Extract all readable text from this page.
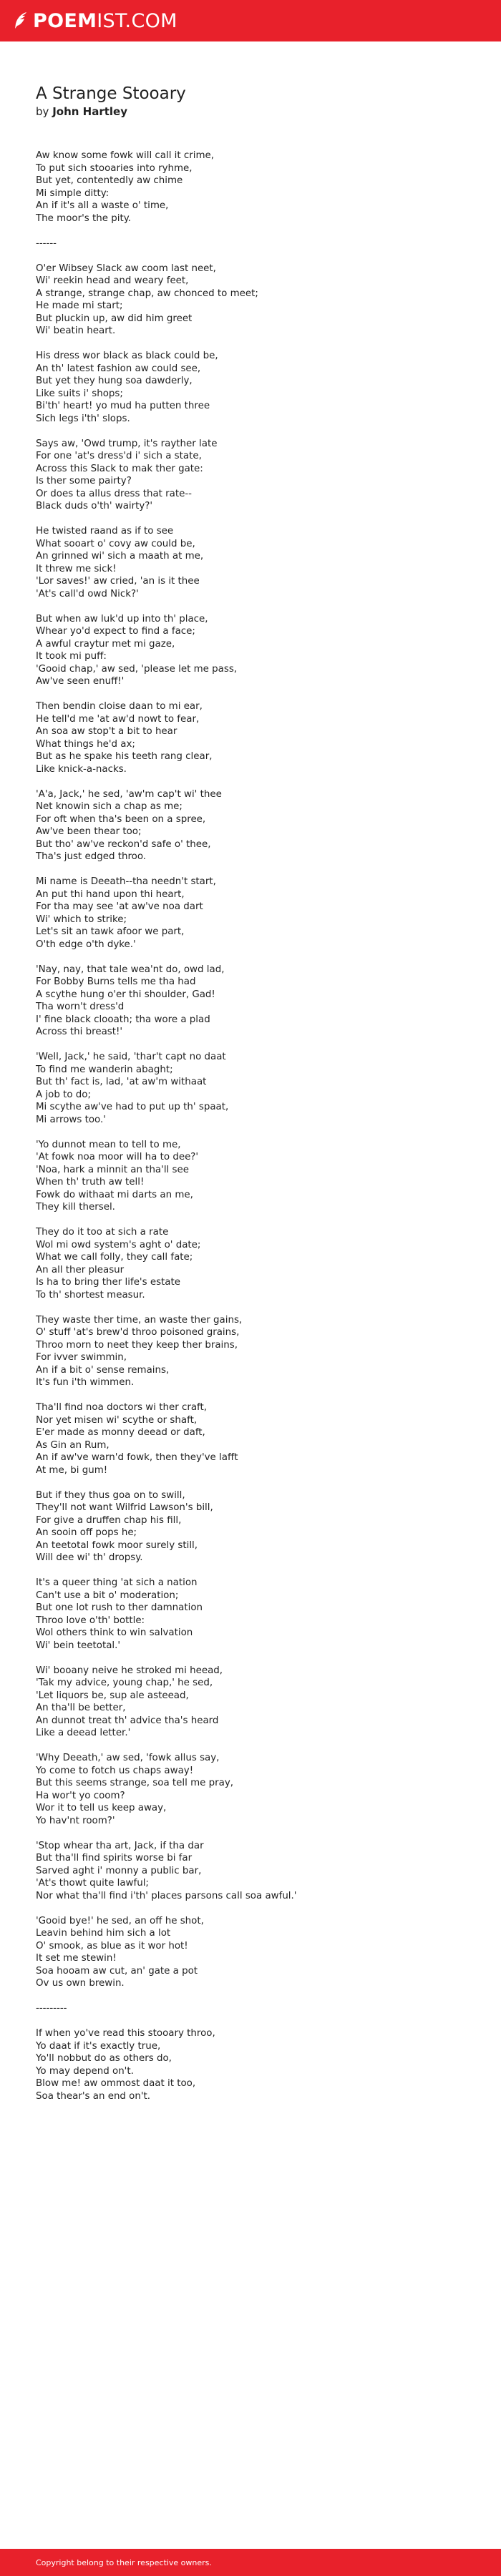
POEMIST.COM
A Strange Stooary
by John Hartley
Aw know some fowk will call it crime,
To put sich stooaries into ryhme,
But yet, contentedly aw chime
Mi simple ditty:
An if it's all a waste o' time,
The moor's the pity.
------
O'er Wibsey Slack aw coom last neet,
Wi' reekin head and weary feet,
A strange, strange chap, aw chonced to meet;
He made mi start;
But pluckin up, aw did him greet
Wi' beatin heart.
His dress wor black as black could be,
An th' latest fashion aw could see,
But yet they hung soa dawderly,
Like suits i' shops;
Bi'th' heart! yo mud ha putten three
Sich legs i'th' slops.
Says aw, 'Owd trump, it's rayther late
For one 'at's dress'd i' sich a state,
Across this Slack to mak ther gate:
Is ther some pairty?
Or does ta allus dress that rate--
Black duds o'th' wairty?'
He twisted raand as if to see
What sooart o' covy aw could be,
An grinned wi' sich a maath at me,
It threw me sick!
'Lor saves!' aw cried, 'an is it thee
'At's call'd owd Nick?'
But when aw luk'd up into th' place,
Whear yo'd expect to find a face;
A awful craytur met mi gaze,
It took mi puff:
'Gooid chap,' aw sed, 'please let me pass,
Aw've seen enuff!'
Then bendin cloise daan to mi ear,
He tell'd me 'at aw'd nowt to fear,
An soa aw stop't a bit to hear
What things he'd ax;
But as he spake his teeth rang clear,
Like knick-a-nacks.
'A'a, Jack,' he sed, 'aw'm cap't wi' thee
Net knowin sich a chap as me;
For oft when tha's been on a spree,
Aw've been thear too;
But tho' aw've reckon'd safe o' thee,
Tha's just edged throo.
Mi name is Deeath--tha needn't start,
An put thi hand upon thi heart,
For tha may see 'at aw've noa dart
Wi' which to strike;
Let's sit an tawk afoor we part,
O'th edge o'th dyke.'
'Nay, nay, that tale wea'nt do, owd lad,
For Bobby Burns tells me tha had
A scythe hung o'er thi shoulder, Gad!
Tha worn't dress'd
I' fine black clooath; tha wore a plad
Across thi breast!'
'Well, Jack,' he said, 'thar't capt no daat
To find me wanderin abaght;
But th' fact is, lad, 'at aw'm withaat
A job to do;
Mi scythe aw've had to put up th' spaat,
Mi arrows too.'
'Yo dunnot mean to tell to me,
'At fowk noa moor will ha to dee?'
'Noa, hark a minnit an tha'll see
When th' truth aw tell!
Fowk do withaat mi darts an me,
They kill thersel.
They do it too at sich a rate
Wol mi owd system's aght o' date;
What we call folly, they call fate;
An all ther pleasur
Is ha to bring ther life's estate
To th' shortest measur.
They waste ther time, an waste ther gains,
O' stuff 'at's brew'd throo poisoned grains,
Throo morn to neet they keep ther brains,
For ivver swimmin,
An if a bit o' sense remains,
It's fun i'th wimmen.
Tha'll find noa doctors wi ther craft,
Nor yet misen wi' scythe or shaft,
E'er made as monny deead or daft,
As Gin an Rum,
An if aw've warn'd fowk, then they've lafft
At me, bi gum!
But if they thus goa on to swill,
They'll not want Wilfrid Lawson's bill,
For give a druffen chap his fill,
An sooin off pops he;
An teetotal fowk moor surely still,
Will dee wi' th' dropsy.
It's a queer thing 'at sich a nation
Can't use a bit o' moderation;
But one lot rush to ther damnation
Throo love o'th' bottle:
Wol others think to win salvation
Wi' bein teetotal.'
Wi' booany neive he stroked mi heead,
'Tak my advice, young chap,' he sed,
'Let liquors be, sup ale asteead,
An tha'll be better,
An dunnot treat th' advice tha's heard
Like a deead letter.'
'Why Deeath,' aw sed, 'fowk allus say,
Yo come to fotch us chaps away!
But this seems strange, soa tell me pray,
Ha wor't yo coom?
Wor it to tell us keep away,
Yo hav'nt room?'
'Stop whear tha art, Jack, if tha dar
But tha'll find spirits worse bi far
Sarved aght i' monny a public bar,
'At's thowt quite lawful;
Nor what tha'll find i'th' places parsons call soa awful.'
'Gooid bye!' he sed, an off he shot,
Leavin behind him sich a lot
O' smook, as blue as it wor hot!
It set me stewin!
Soa hooam aw cut, an' gate a pot
Ov us own brewin.
---------
If when yo've read this stooary throo,
Yo daat if it's exactly true,
Yo'll nobbut do as others do,
Yo may depend on't.
Blow me! aw ommost daat it too,
Soa thear's an end on't.
Copyright belong to their respective owners.
